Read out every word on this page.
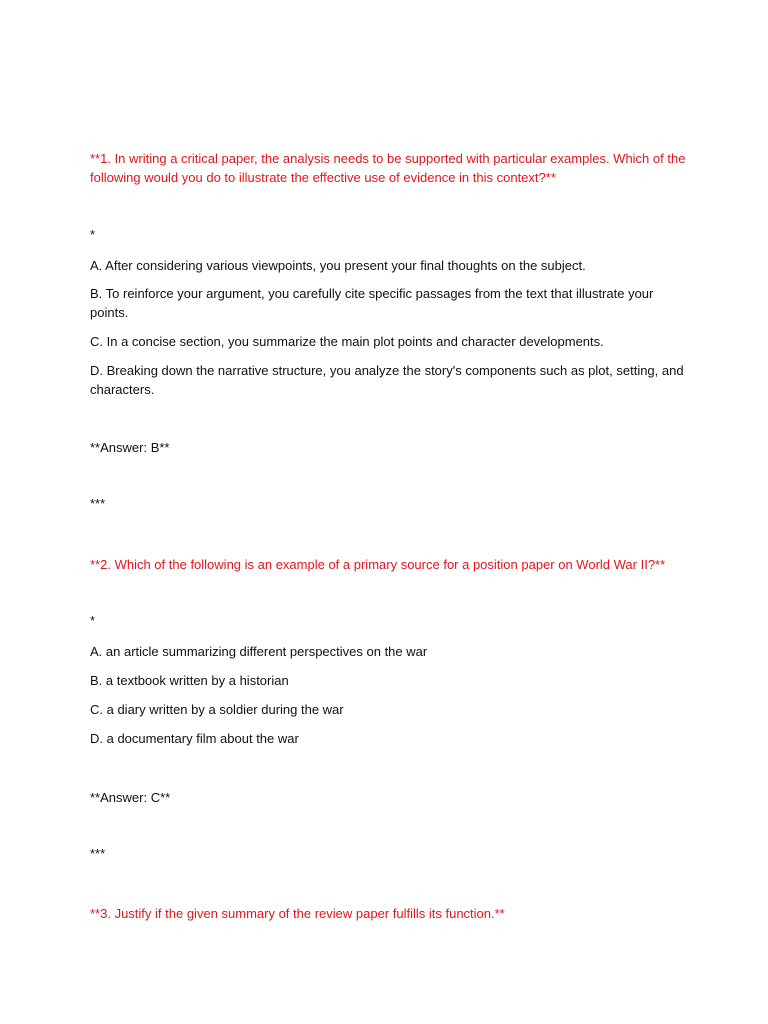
**1. In writing a critical paper, the analysis needs to be supported with particular examples. Which of the following would you do to illustrate the effective use of evidence in this context?**

*

A. After considering various viewpoints, you present your final thoughts on the subject.

B. To reinforce your argument, you carefully cite specific passages from the text that illustrate your points.

C. In a concise section, you summarize the main plot points and character developments.

D. Breaking down the narrative structure, you analyze the story's components such as plot, setting, and characters.

**Answer: B**

***

**2. Which of the following is an example of a primary source for a position paper on World War II?**

*

A. an article summarizing different perspectives on the war

B. a textbook written by a historian

C. a diary written by a soldier during the war

D. a documentary film about the war

**Answer: C**

***

**3. Justify if the given summary of the review paper fulfills its function.**
